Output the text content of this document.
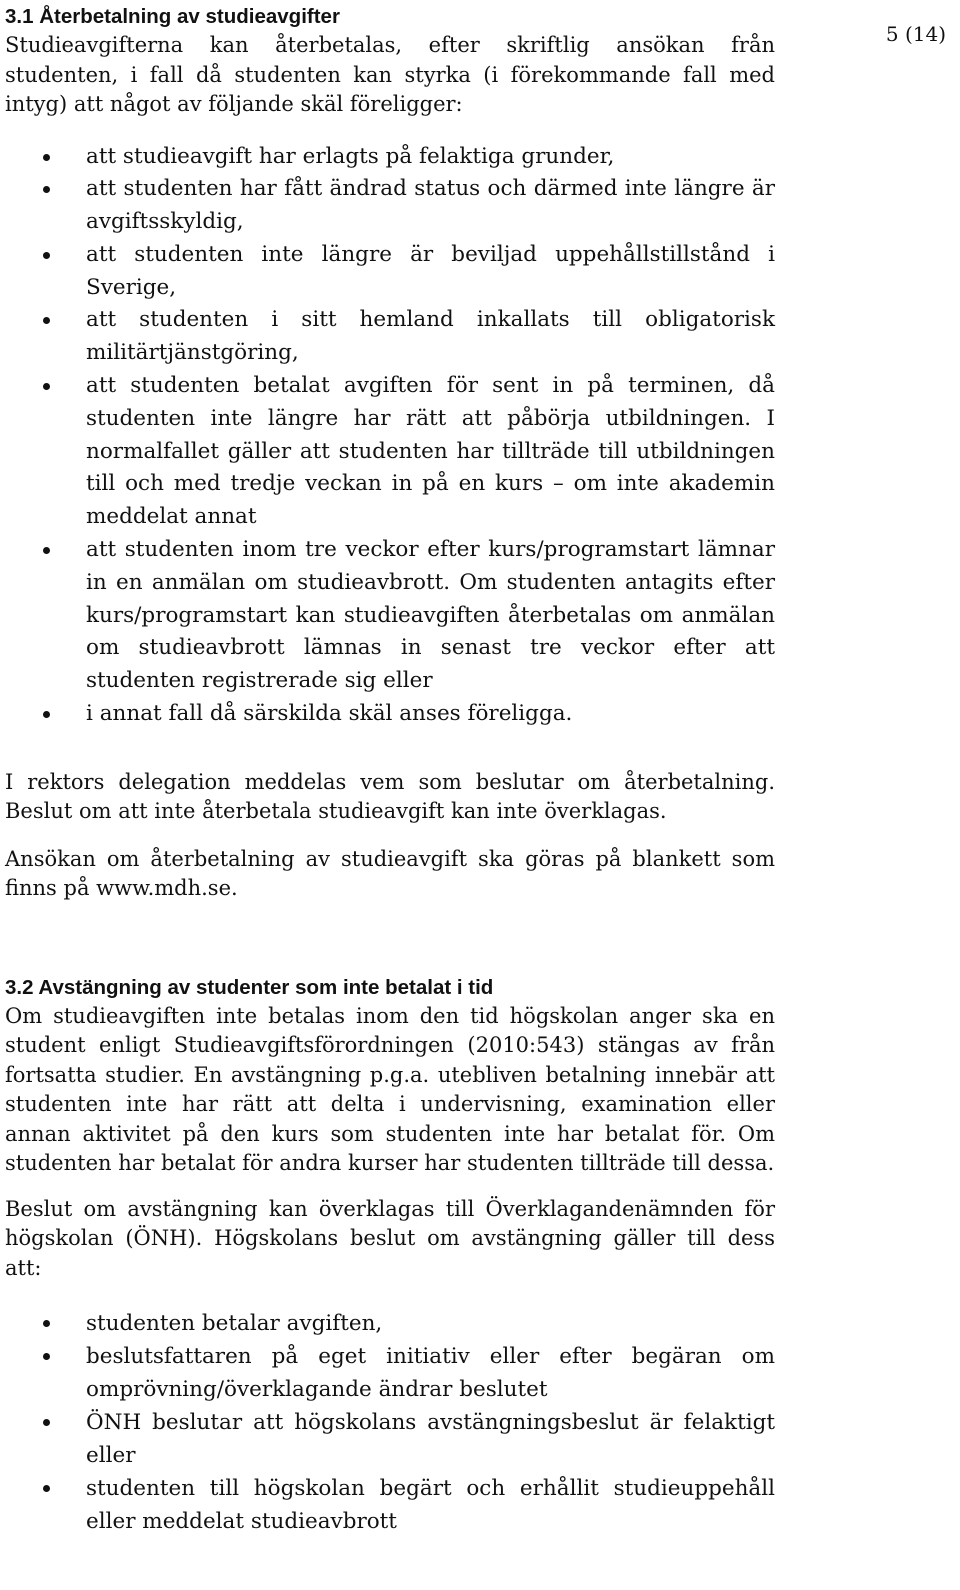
5 (14)
3.1 Återbetalning av studieavgifter

Studieavgifterna kan återbetalas, efter skriftlig ansökan från studenten, i fall då studenten kan styrka (i förekommande fall med intyg) att något av följande skäl föreligger:

att studieavgift har erlagts på felaktiga grunder,
att studenten har fått ändrad status och därmed inte längre är avgiftsskyldig,
att studenten inte längre är beviljad uppehållstillstånd i Sverige,
att studenten i sitt hemland inkallats till obligatorisk militärtjänstgöring,
att studenten betalat avgiften för sent in på terminen, då studenten inte längre har rätt att påbörja utbildningen. I normalfallet gäller att studenten har tillträde till utbildningen till och med tredje veckan in på en kurs – om inte akademin meddelat annat
att studenten inom tre veckor efter kurs/programstart lämnar in en anmälan om studieavbrott. Om studenten antagits efter kurs/programstart kan studieavgiften återbetalas om anmälan om studieavbrott lämnas in senast tre veckor efter att studenten registrerade sig eller
i annat fall då särskilda skäl anses föreligga.

I rektors delegation meddelas vem som beslutar om återbetalning. Beslut om att inte återbetala studieavgift kan inte överklagas.

Ansökan om återbetalning av studieavgift ska göras på blankett som finns på www.mdh.se.

3.2 Avstängning av studenter som inte betalat i tid

Om studieavgiften inte betalas inom den tid högskolan anger ska en student enligt Studieavgiftsförordningen (2010:543) stängas av från fortsatta studier. En avstängning p.g.a. utebliven betalning innebär att studenten inte har rätt att delta i undervisning, examination eller annan aktivitet på den kurs som studenten inte har betalat för. Om studenten har betalat för andra kurser har studenten tillträde till dessa.

Beslut om avstängning kan överklagas till Överklagandenämnden för högskolan (ÖNH). Högskolans beslut om avstängning gäller till dess att:

studenten betalar avgiften,
beslutsfattaren på eget initiativ eller efter begäran om omprövning/överklagande ändrar beslutet
ÖNH beslutar att högskolans avstängningsbeslut är felaktigt eller
studenten till högskolan begärt och erhållit studieuppehåll eller meddelat studieavbrott
